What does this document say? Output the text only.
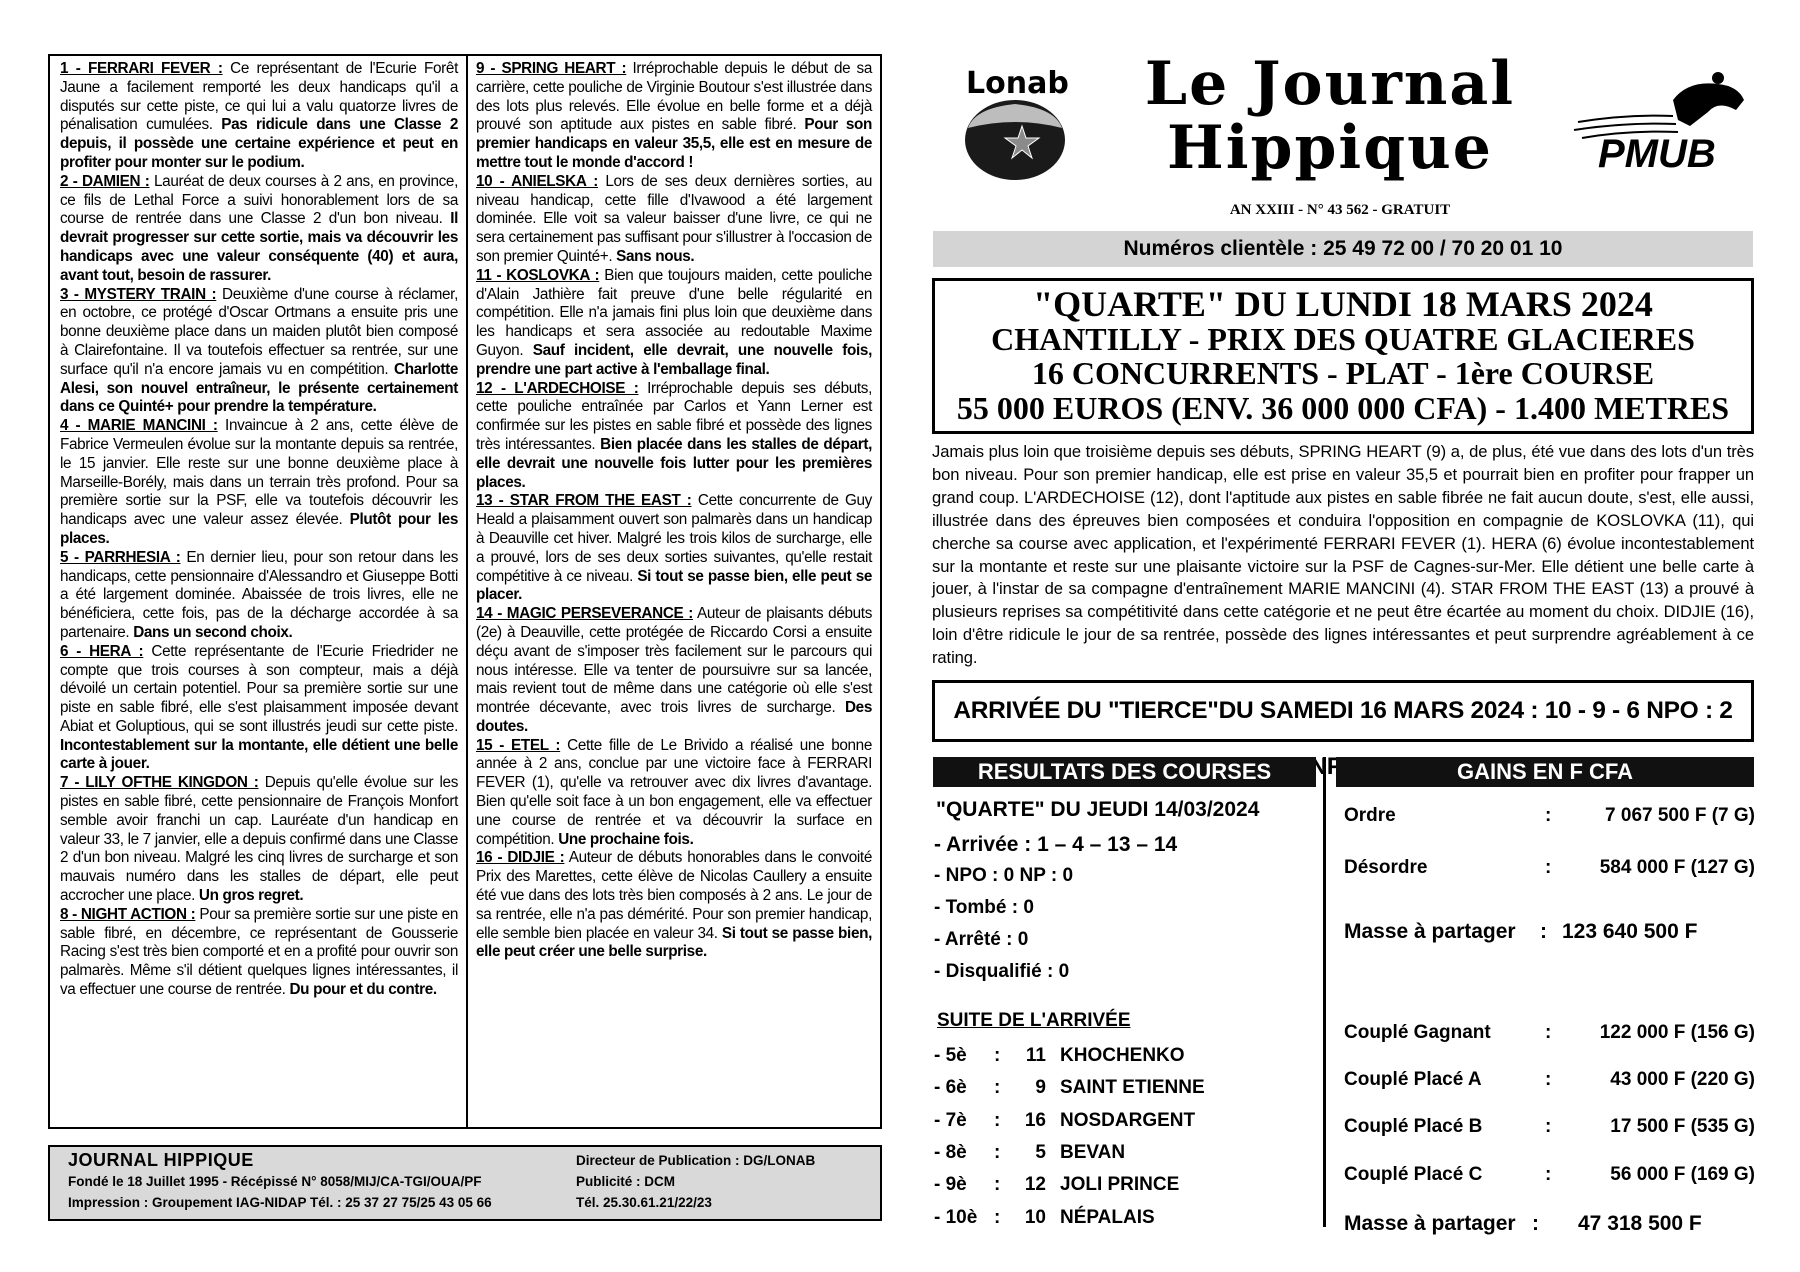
1 - FERRARI FEVER : Ce représentant de l'Ecurie Forêt Jaune a facilement remporté les deux handicaps qu'il a disputés sur cette piste, ce qui lui a valu quatorze livres de pénalisation cumulées. Pas ridicule dans une Classe 2 depuis, il possède une certaine expérience et peut en profiter pour monter sur le podium.

2 - DAMIEN : Lauréat de deux courses à 2 ans, en province, ce fils de Lethal Force a suivi honorablement lors de sa course de rentrée dans une Classe 2 d'un bon niveau. Il devrait progresser sur cette sortie, mais va découvrir les handicaps avec une valeur conséquente (40) et aura, avant tout, besoin de rassurer.

3 - MYSTERY TRAIN : Deuxième d'une course à réclamer, en octobre, ce protégé d'Oscar Ortmans a ensuite pris une bonne deuxième place dans un maiden plutôt bien composé à Clairefontaine. Il va toutefois effectuer sa rentrée, sur une surface qu'il n'a encore jamais vu en compétition. Charlotte Alesi, son nouvel entraîneur, le présente certainement dans ce Quinté+ pour prendre la température.

4 - MARIE MANCINI : Invaincue à 2 ans, cette élève de Fabrice Vermeulen évolue sur la montante depuis sa rentrée, le 15 janvier. Elle reste sur une bonne deuxième place à Marseille-Borély, mais dans un terrain très profond. Pour sa première sortie sur la PSF, elle va toutefois découvrir les handicaps avec une valeur assez élevée. Plutôt pour les places.

5 - PARRHESIA : En dernier lieu, pour son retour dans les handicaps, cette pensionnaire d'Alessandro et Giuseppe Botti a été largement dominée. Abaissée de trois livres, elle ne bénéficiera, cette fois, pas de la décharge accordée à sa partenaire. Dans un second choix.

6 - HERA : Cette représentante de l'Ecurie Friedrider ne compte que trois courses à son compteur, mais a déjà dévoilé un certain potentiel. Pour sa première sortie sur une piste en sable fibré, elle s'est plaisamment imposée devant Abiat et Goluptious, qui se sont illustrés jeudi sur cette piste. Incontestablement sur la montante, elle détient une belle carte à jouer.

7 - LILY OFTHE KINGDON : Depuis qu'elle évolue sur les pistes en sable fibré, cette pensionnaire de François Monfort semble avoir franchi un cap. Lauréate d'un handicap en valeur 33, le 7 janvier, elle a depuis confirmé dans une Classe 2 d'un bon niveau. Malgré les cinq livres de surcharge et son mauvais numéro dans les stalles de départ, elle peut accrocher une place. Un gros regret.

8 - NIGHT ACTION : Pour sa première sortie sur une piste en sable fibré, en décembre, ce représentant de Gousserie Racing s'est très bien comporté et en a profité pour ouvrir son palmarès. Même s'il détient quelques lignes intéressantes, il va effectuer une course de rentrée. Du pour et du contre.

9 - SPRING HEART : Irréprochable depuis le début de sa carrière, cette pouliche de Virginie Boutour s'est illustrée dans des lots plus relevés. Elle évolue en belle forme et a déjà prouvé son aptitude aux pistes en sable fibré. Pour son premier handicaps en valeur 35,5, elle est en mesure de mettre tout le monde d'accord !

10 - ANIELSKA : Lors de ses deux dernières sorties, au niveau handicap, cette fille d'Ivawood a été largement dominée. Elle voit sa valeur baisser d'une livre, ce qui ne sera certainement pas suffisant pour s'illustrer à l'occasion de son premier Quinté+. Sans nous.

11 - KOSLOVKA : Bien que toujours maiden, cette pouliche d'Alain Jathière fait preuve d'une belle régularité en compétition. Elle n'a jamais fini plus loin que deuxième dans les handicaps et sera associée au redoutable Maxime Guyon. Sauf incident, elle devrait, une nouvelle fois, prendre une part active à l'emballage final.

12 - L'ARDECHOISE : Irréprochable depuis ses débuts, cette pouliche entraînée par Carlos et Yann Lerner est confirmée sur les pistes en sable fibré et possède des lignes très intéressantes. Bien placée dans les stalles de départ, elle devrait une nouvelle fois lutter pour les premières places.

13 - STAR FROM THE EAST : Cette concurrente de Guy Heald a plaisamment ouvert son palmarès dans un handicap à Deauville cet hiver. Malgré les trois kilos de surcharge, elle a prouvé, lors de ses deux sorties suivantes, qu'elle restait compétitive à ce niveau. Si tout se passe bien, elle peut se placer.

14 - MAGIC PERSEVERANCE : Auteur de plaisants débuts (2e) à Deauville, cette protégée de Riccardo Corsi a ensuite déçu avant de s'imposer très facilement sur le parcours qui nous intéresse. Elle va tenter de poursuivre sur sa lancée, mais revient tout de même dans une catégorie où elle s'est montrée décevante, avec trois livres de surcharge. Des doutes.

15 - ETEL : Cette fille de Le Brivido a réalisé une bonne année à 2 ans, conclue par une victoire face à FERRARI FEVER (1), qu'elle va retrouver avec dix livres d'avantage. Bien qu'elle soit face à un bon engagement, elle va effectuer une course de rentrée et va découvrir la surface en compétition. Une prochaine fois.

16 - DIDJIE : Auteur de débuts honorables dans le convoité Prix des Marettes, cette élève de Nicolas Caullery a ensuite été vue dans des lots très bien composés à 2 ans. Le jour de sa rentrée, elle n'a pas démérité. Pour son premier handicap, elle semble bien placée en valeur 34. Si tout se passe bien, elle peut créer une belle surprise.

JOURNAL HIPPIQUE
Fondé le 18 Juillet 1995 - Récépissé N° 8058/MIJ/CA-TGI/OUA/PF
Impression : Groupement IAG-NIDAP Tél. : 25 37 27 75/25 43 05 66
Directeur de Publication : DG/LONAB
Publicité : DCM
Tél. 25.30.61.21/22/23
Lonab	Le Journal
Hippique	PMUB
AN XXIII - N° 43 562 - GRATUIT
Numéros clientèle : 25 49 72 00 / 70 20 01 10
"QUARTE" DU LUNDI 18 MARS 2024
CHANTILLY - PRIX DES QUATRE GLACIERES
16 CONCURRENTS - PLAT - 1ère COURSE
55 000 EUROS (ENV. 36 000 000 CFA) - 1.400 METRES
Jamais plus loin que troisième depuis ses débuts, SPRING HEART (9) a, de plus, été vue dans des lots d'un très bon niveau. Pour son premier handicap, elle est prise en valeur 35,5 et pourrait bien en profiter pour frapper un grand coup. L'ARDECHOISE (12), dont l'aptitude aux pistes en sable fibrée ne fait aucun doute, s'est, elle aussi, illustrée dans des épreuves bien composées et conduira l'opposition en compagnie de KOSLOVKA (11), qui cherche sa course avec application, et l'expérimenté FERRARI FEVER (1). HERA (6) évolue incontestablement sur la montante et reste sur une plaisante victoire sur la PSF de Cagnes-sur-Mer. Elle détient une belle carte à jouer, à l'instar de sa compagne d'entraînement MARIE MANCINI (4). STAR FROM THE EAST (13) a prouvé à plusieurs reprises sa compétitivité dans cette catégorie et ne peut être écartée au moment du choix. DIDJIE (16), loin d'être ridicule le jour de sa rentrée, possède des lignes intéressantes et peut surprendre agréablement à ce rating.
ARRIVÉE DU "TIERCE"DU SAMEDI 16 MARS 2024 : 10 - 9 - 6 NPO : 2
RESULTATS DES COURSES	GAINS EN F CFA
"QUARTE" DU JEUDI 14/03/2024
- Arrivée : 1 – 4 – 13 – 14
- NPO : 0 NP : 0
- Tombé : 0
- Arrêté : 0
- Disqualifié : 0
SUITE DE L'ARRIVÉE
- 5è :	11 KHOCHENKO
- 6è :	9 SAINT ETIENNE
- 7è :	16 NOSDARGENT
- 8è :	5 BEVAN
- 9è :	12 JOLI PRINCE
- 10è :	10 NÉPALAIS
Ordre	:	7 067 500 F (7 G)
Désordre	:	584 000 F (127 G)
Masse à partager : 123 640 500 F
Couplé Gagnant	:	122 000 F (156 G)
Couplé Placé A	:	43 000 F (220 G)
Couplé Placé B	:	17 500 F (535 G)
Couplé Placé C	:	56 000 F (169 G)
Masse à partager : 47 318 500 F
